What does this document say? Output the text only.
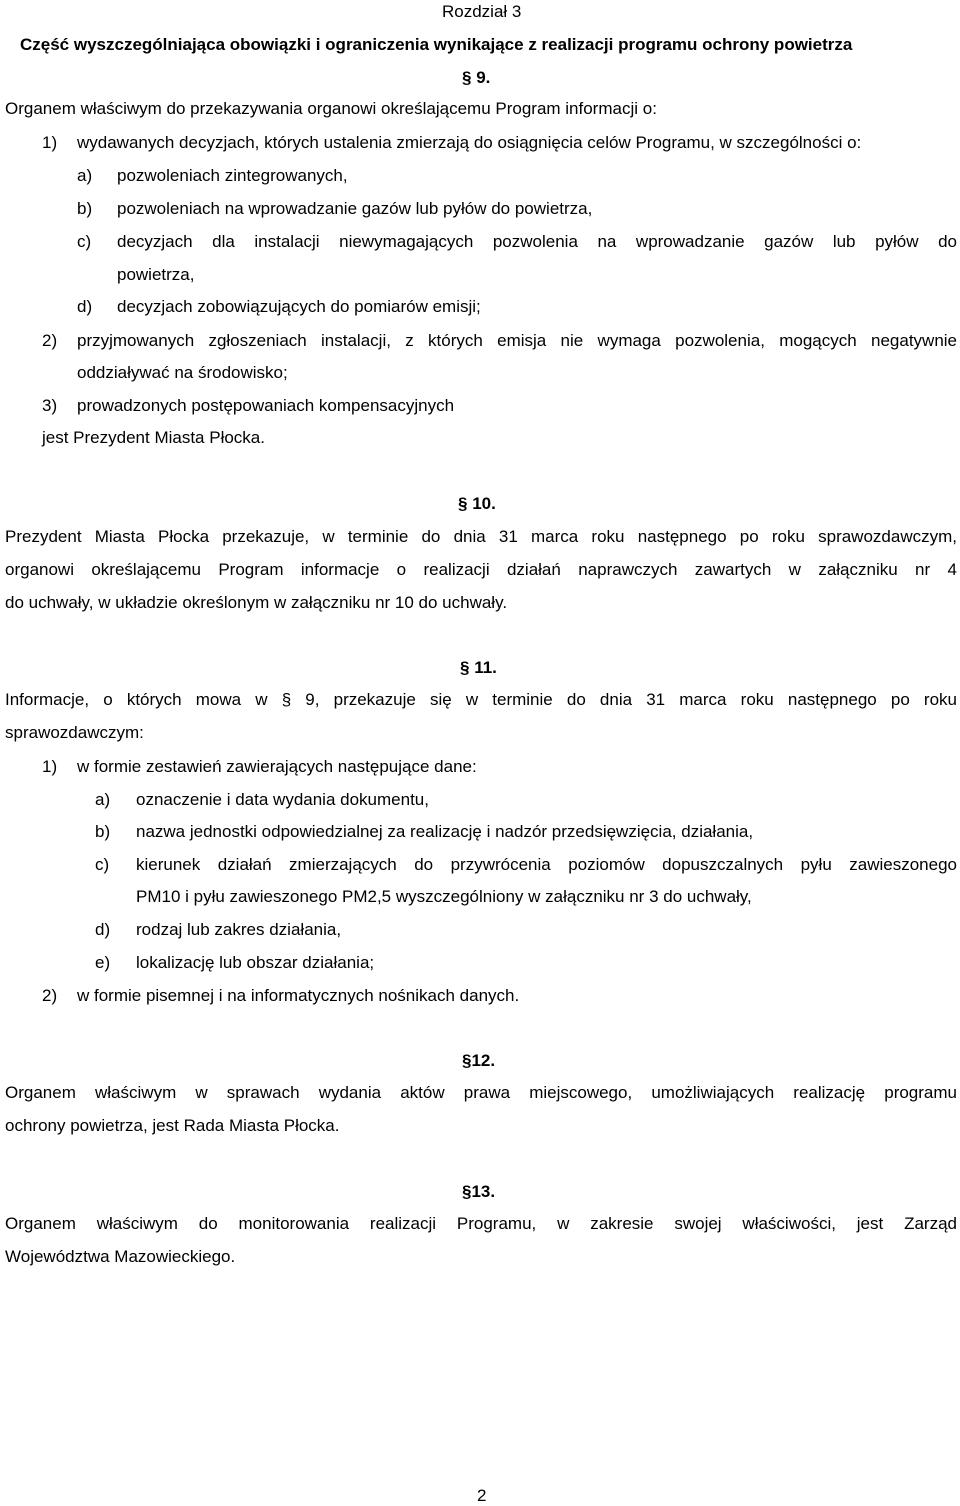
Rozdział 3
Część wyszczególniająca obowiązki i ograniczenia wynikające z realizacji programu ochrony powietrza
§ 9.
Organem właściwym do przekazywania organowi określającemu Program informacji o:
1) wydawanych decyzjach, których ustalenia zmierzają do osiągnięcia celów Programu, w szczególności o:
a) pozwoleniach zintegrowanych,
b) pozwoleniach na wprowadzanie gazów lub pyłów do powietrza,
c) decyzjach dla instalacji niewymagających pozwolenia na wprowadzanie gazów lub pyłów do
powietrza,
d) decyzjach zobowiązujących do pomiarów emisji;
2) przyjmowanych zgłoszeniach instalacji, z których emisja nie wymaga pozwolenia, mogących negatywnie
oddziaływać na środowisko;
3) prowadzonych postępowaniach kompensacyjnych
jest Prezydent Miasta Płocka.
§ 10.
Prezydent Miasta Płocka przekazuje, w terminie do dnia 31 marca roku następnego po roku sprawozdawczym,
organowi określającemu Program informacje o realizacji działań naprawczych zawartych w załączniku nr 4
do uchwały, w układzie określonym w załączniku nr 10 do uchwały.
§ 11.
Informacje, o których mowa w § 9, przekazuje się w terminie do dnia 31 marca roku następnego po roku
sprawozdawczym:
1) w formie zestawień zawierających następujące dane:
a) oznaczenie i data wydania dokumentu,
b) nazwa jednostki odpowiedzialnej za realizację i nadzór przedsięwzięcia, działania,
c) kierunek działań zmierzających do przywrócenia poziomów dopuszczalnych pyłu zawieszonego
PM10 i pyłu zawieszonego PM2,5 wyszczególniony w załączniku nr 3 do uchwały,
d) rodzaj lub zakres działania,
e) lokalizację lub obszar działania;
2) w formie pisemnej i na informatycznych nośnikach danych.
§12.
Organem właściwym w sprawach wydania aktów prawa miejscowego, umożliwiających realizację programu
ochrony powietrza, jest Rada Miasta Płocka.
§13.
Organem właściwym do monitorowania realizacji Programu, w zakresie swojej właściwości, jest Zarząd
Województwa Mazowieckiego.
2
